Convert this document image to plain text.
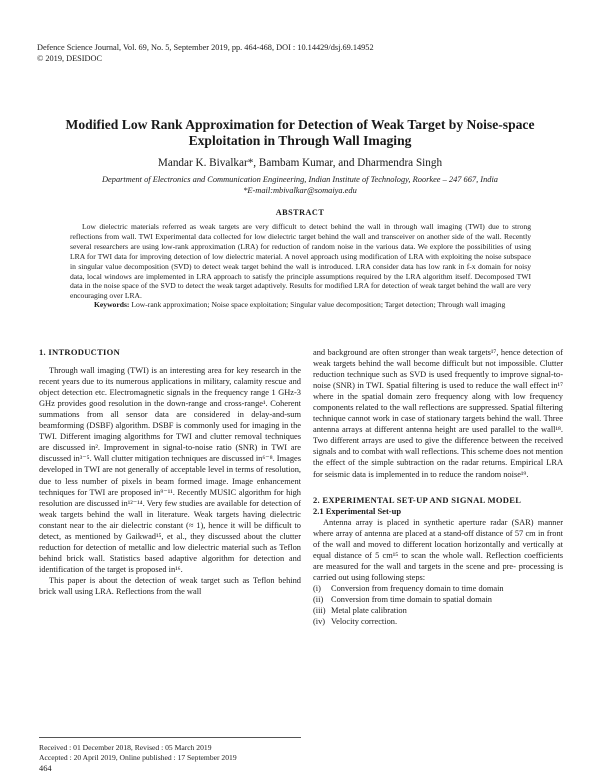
Defence Science Journal, Vol. 69, No. 5, September 2019, pp. 464-468, DOI : 10.14429/dsj.69.14952
© 2019, DESIDOC
Modified Low Rank Approximation for Detection of Weak Target by Noise-space Exploitation in Through Wall Imaging
Mandar K. Bivalkar*, Bambam Kumar, and Dharmendra Singh
Department of Electronics and Communication Engineering, Indian Institute of Technology, Roorkee – 247 667, India
*E-mail:mbivalkar@somaiya.edu
ABSTRACT
Low dielectric materials referred as weak targets are very difficult to detect behind the wall in through wall imaging (TWI) due to strong reflections from wall. TWI Experimental data collected for low dielectric target behind the wall and transceiver on another side of the wall. Recently several researchers are using low-rank approximation (LRA) for reduction of random noise in the various data. We explore the possibilities of using LRA for TWI data for improving detection of low dielectric material. A novel approach using modification of LRA with exploiting the noise subspace in singular value decomposition (SVD) to detect weak target behind the wall is introduced. LRA consider data has low rank in f-x domain for noisy data, local windows are implemented in LRA approach to satisfy the principle assumptions required by the LRA algorithm itself. Decomposed TWI data in the noise space of the SVD to detect the weak target adaptively. Results for modified LRA for detection of weak target behind the wall are very encouraging over LRA.
Keywords: Low-rank approximation; Noise space exploitation; Singular value decomposition; Target detection; Through wall imaging
1. INTRODUCTION

Through wall imaging (TWI) is an interesting area for key research in the recent years due to its numerous applications in military, calamity rescue and object detection etc. Electromagnetic signals in the frequency range 1 GHz-3 GHz provides good resolution in the down-range and cross-range¹. Coherent summations from all sensor data are considered in delay-and-sum beamforming (DSBF) algorithm. DSBF is commonly used for imaging in the TWI. Different imaging algorithms for TWI and clutter removal techniques are discussed in². Improvement in signal-to-noise ratio (SNR) in TWI are discussed in³⁻⁵. Wall clutter mitigation techniques are discussed in⁶⁻⁸. Images developed in TWI are not generally of acceptable level in terms of resolution, due to less number of pixels in beam formed image. Image enhancement techniques for TWI are proposed in⁹⁻¹¹. Recently MUSIC algorithm for high resolution are discussed in¹²⁻¹⁴. Very few studies are available for detection of weak targets behind the wall in literature. Weak targets having dielectric constant near to the air dielectric constant (≈ 1), hence it will be difficult to detect, as mentioned by Gaikwad¹⁵, et al., they discussed about the clutter reduction for detection of metallic and low dielectric material such as Teflon behind brick wall. Statistics based adaptive algorithm for detection and identification of the target is proposed in¹⁶.

This paper is about the detection of weak target such as Teflon behind brick wall using LRA. Reflections from the wall

and background are often stronger than weak targets¹⁷, hence detection of weak targets behind the wall become difficult but not impossible. Clutter reduction technique such as SVD is used frequently to improve signal-to-noise (SNR) in TWI. Spatial filtering is used to reduce the wall effect in¹⁷ where in the spatial domain zero frequency along with low frequency components related to the wall reflections are suppressed. Spatial filtering technique cannot work in case of stationary targets behind the wall. Three antenna arrays at different antenna height are used parallel to the wall¹⁸. Two different arrays are used to give the difference between the received signals and to combat with wall reflections. This scheme does not mention the effect of the simple subtraction on the radar returns. Empirical LRA for seismic data is implemented in to reduce the random noise¹⁹.

2. EXPERIMENTAL SET-UP AND SIGNAL MODEL
2.1 Experimental Set-up

Antenna array is placed in synthetic aperture radar (SAR) manner where array of antenna are placed at a stand-off distance of 57 cm in front of the wall and moved to different location horizontally and vertically at equal distance of 5 cm¹⁵ to scan the whole wall. Reflection coefficients are measured for the wall and targets in the scene and pre- processing is carried out using following steps:

(i)	Conversion from frequency domain to time domain
(ii) Conversion from time domain to spatial domain
(iii) Metal plate calibration
(iv) Velocity correction.
Received : 01 December 2018, Revised : 05 March 2019
Accepted : 20 April 2019, Online published : 17 September 2019
464
